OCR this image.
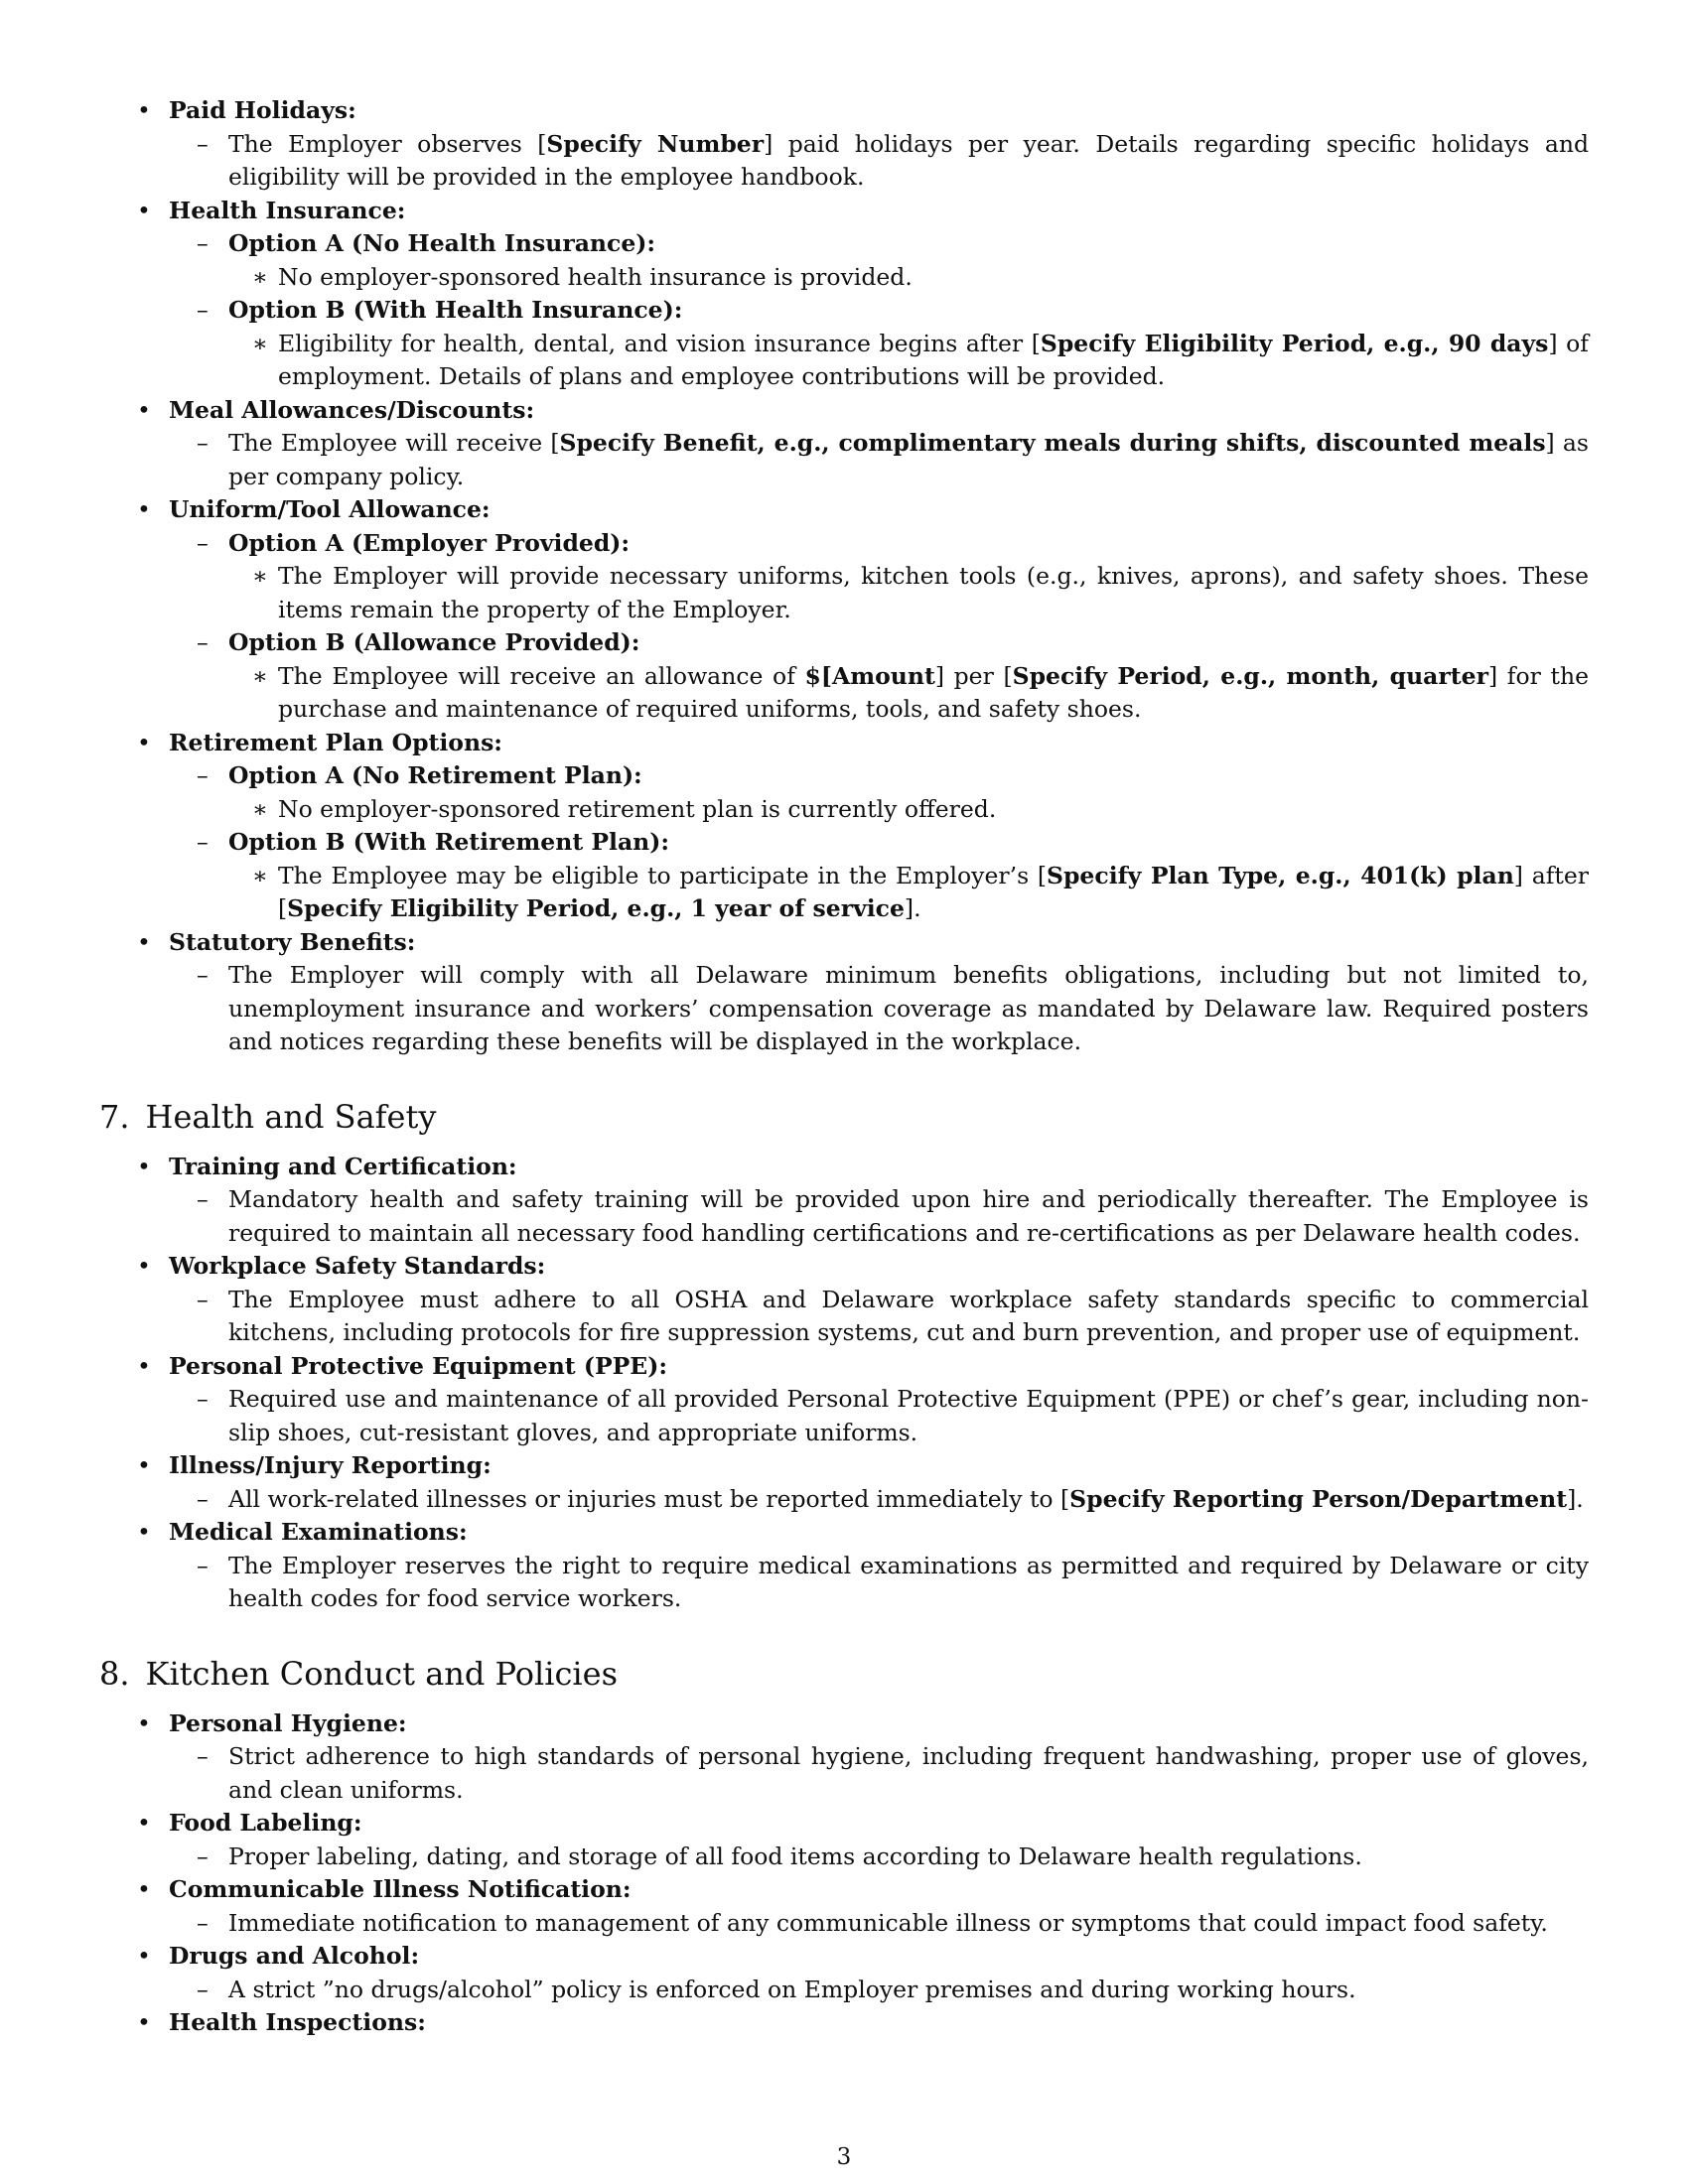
• Paid Holidays:
– The Employer observes [Specify Number] paid holidays per year. Details regarding specific holidays and eligibility will be provided in the employee handbook.
• Health Insurance:
– Option A (No Health Insurance):
∗ No employer-sponsored health insurance is provided.
– Option B (With Health Insurance):
∗ Eligibility for health, dental, and vision insurance begins after [Specify Eligibility Period, e.g., 90 days] of employment. Details of plans and employee contributions will be provided.
• Meal Allowances/Discounts:
– The Employee will receive [Specify Benefit, e.g., complimentary meals during shifts, discounted meals] as per company policy.
• Uniform/Tool Allowance:
– Option A (Employer Provided):
∗ The Employer will provide necessary uniforms, kitchen tools (e.g., knives, aprons), and safety shoes. These items remain the property of the Employer.
– Option B (Allowance Provided):
∗ The Employee will receive an allowance of $[Amount] per [Specify Period, e.g., month, quarter] for the purchase and maintenance of required uniforms, tools, and safety shoes.
• Retirement Plan Options:
– Option A (No Retirement Plan):
∗ No employer-sponsored retirement plan is currently offered.
– Option B (With Retirement Plan):
∗ The Employee may be eligible to participate in the Employer’s [Specify Plan Type, e.g., 401(k) plan] after [Specify Eligibility Period, e.g., 1 year of service].
• Statutory Benefits:
– The Employer will comply with all Delaware minimum benefits obligations, including but not limited to, unemployment insurance and workers’ compensation coverage as mandated by Delaware law. Required posters and notices regarding these benefits will be displayed in the workplace.
7. Health and Safety
• Training and Certification:
– Mandatory health and safety training will be provided upon hire and periodically thereafter. The Employee is required to maintain all necessary food handling certifications and re-certifications as per Delaware health codes.
• Workplace Safety Standards:
– The Employee must adhere to all OSHA and Delaware workplace safety standards specific to commercial kitchens, including protocols for fire suppression systems, cut and burn prevention, and proper use of equipment.
• Personal Protective Equipment (PPE):
– Required use and maintenance of all provided Personal Protective Equipment (PPE) or chef’s gear, including non-slip shoes, cut-resistant gloves, and appropriate uniforms.
• Illness/Injury Reporting:
– All work-related illnesses or injuries must be reported immediately to [Specify Reporting Person/Department].
• Medical Examinations:
– The Employer reserves the right to require medical examinations as permitted and required by Delaware or city health codes for food service workers.
8. Kitchen Conduct and Policies
• Personal Hygiene:
– Strict adherence to high standards of personal hygiene, including frequent handwashing, proper use of gloves, and clean uniforms.
• Food Labeling:
– Proper labeling, dating, and storage of all food items according to Delaware health regulations.
• Communicable Illness Notification:
– Immediate notification to management of any communicable illness or symptoms that could impact food safety.
• Drugs and Alcohol:
– A strict ”no drugs/alcohol” policy is enforced on Employer premises and during working hours.
• Health Inspections:
3
